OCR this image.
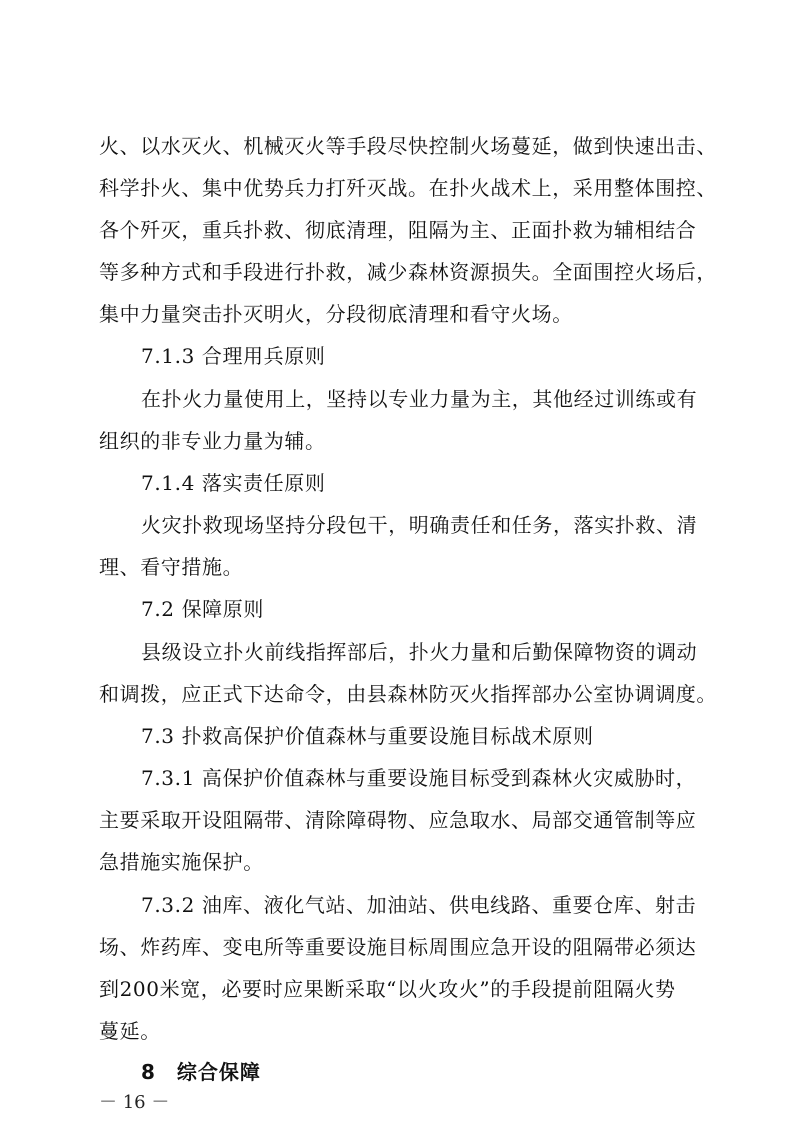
火、以水灭火、机械灭火等手段尽快控制火场蔓延，做到快速出击、
科学扑火、集中优势兵力打歼灭战。在扑火战术上，采用整体围控、
各个歼灭，重兵扑救、彻底清理，阻隔为主、正面扑救为辅相结合
等多种方式和手段进行扑救，减少森林资源损失。全面围控火场后，
集中力量突击扑灭明火，分段彻底清理和看守火场。
7.1.3 合理用兵原则
在扑火力量使用上，坚持以专业力量为主，其他经过训练或有
组织的非专业力量为辅。
7.1.4 落实责任原则
火灾扑救现场坚持分段包干，明确责任和任务，落实扑救、清
理、看守措施。
7.2 保障原则
县级设立扑火前线指挥部后，扑火力量和后勤保障物资的调动
和调拨，应正式下达命令，由县森林防灭火指挥部办公室协调调度。
7.3 扑救高保护价值森林与重要设施目标战术原则
7.3.1 高保护价值森林与重要设施目标受到森林火灾威胁时，
主要采取开设阻隔带、清除障碍物、应急取水、局部交通管制等应
急措施实施保护。
7.3.2 油库、液化气站、加油站、供电线路、重要仓库、射击
场、炸药库、变电所等重要设施目标周围应急开设的阻隔带必须达
到200米宽，必要时应果断采取“以火攻火”的手段提前阻隔火势
蔓延。
8　综合保障
－ 16 －
